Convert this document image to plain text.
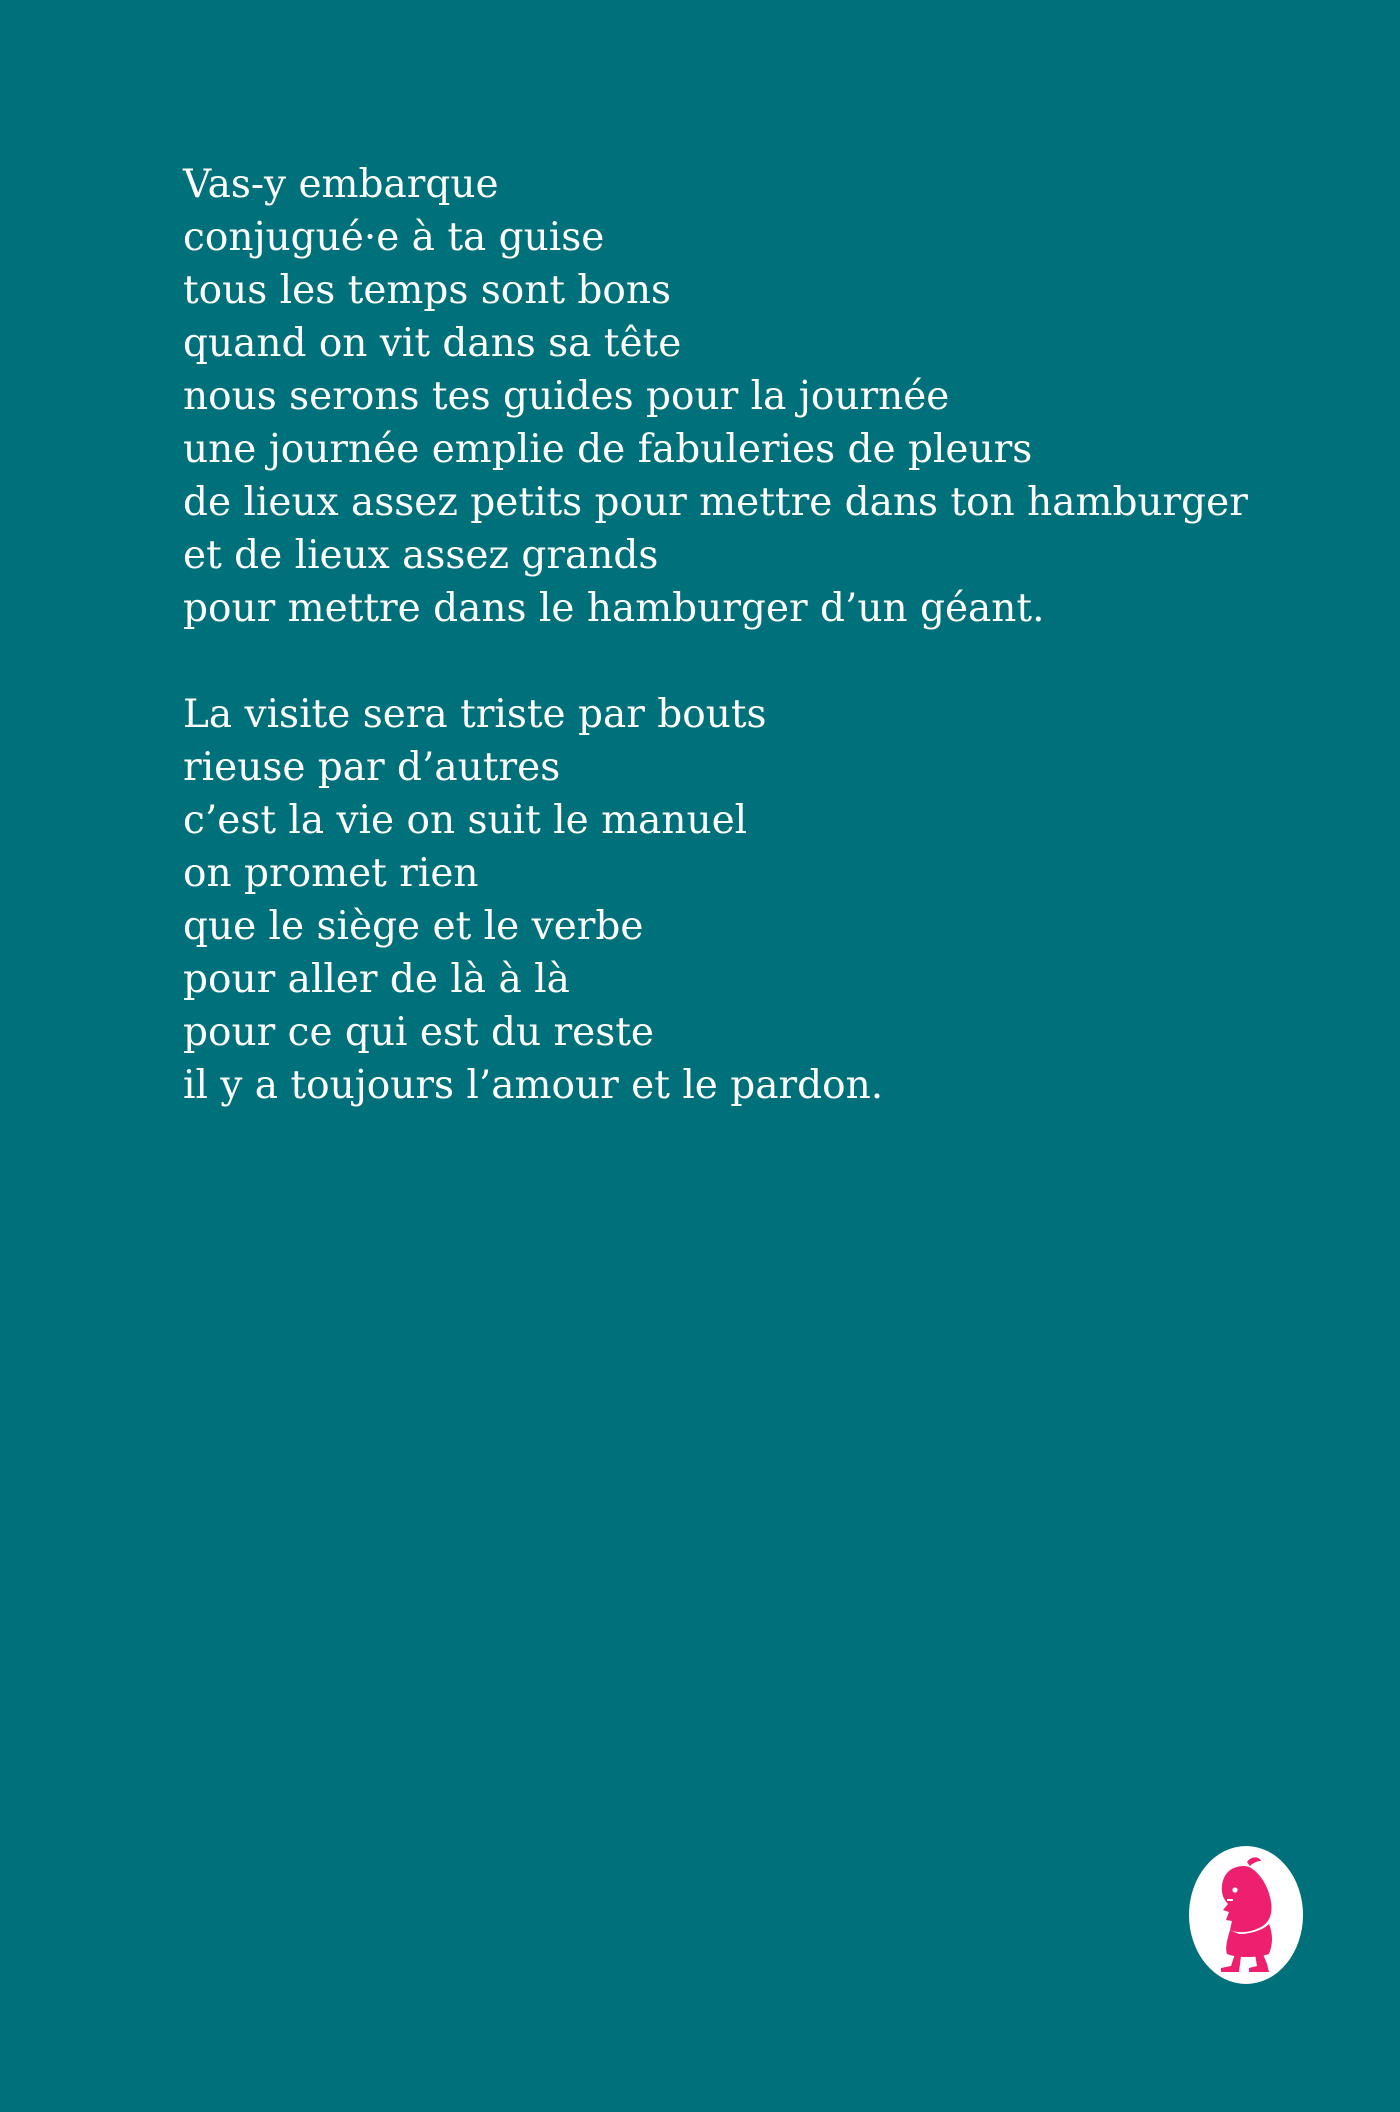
Vas-y embarque
conjugué·e à ta guise
tous les temps sont bons
quand on vit dans sa tête
nous serons tes guides pour la journée
une journée emplie de fabuleries de pleurs
de lieux assez petits pour mettre dans ton hamburger
et de lieux assez grands
pour mettre dans le hamburger d’un géant.

La visite sera triste par bouts
rieuse par d’autres
c’est la vie on suit le manuel
on promet rien
que le siège et le verbe
pour aller de là à là
pour ce qui est du reste
il y a toujours l’amour et le pardon.
